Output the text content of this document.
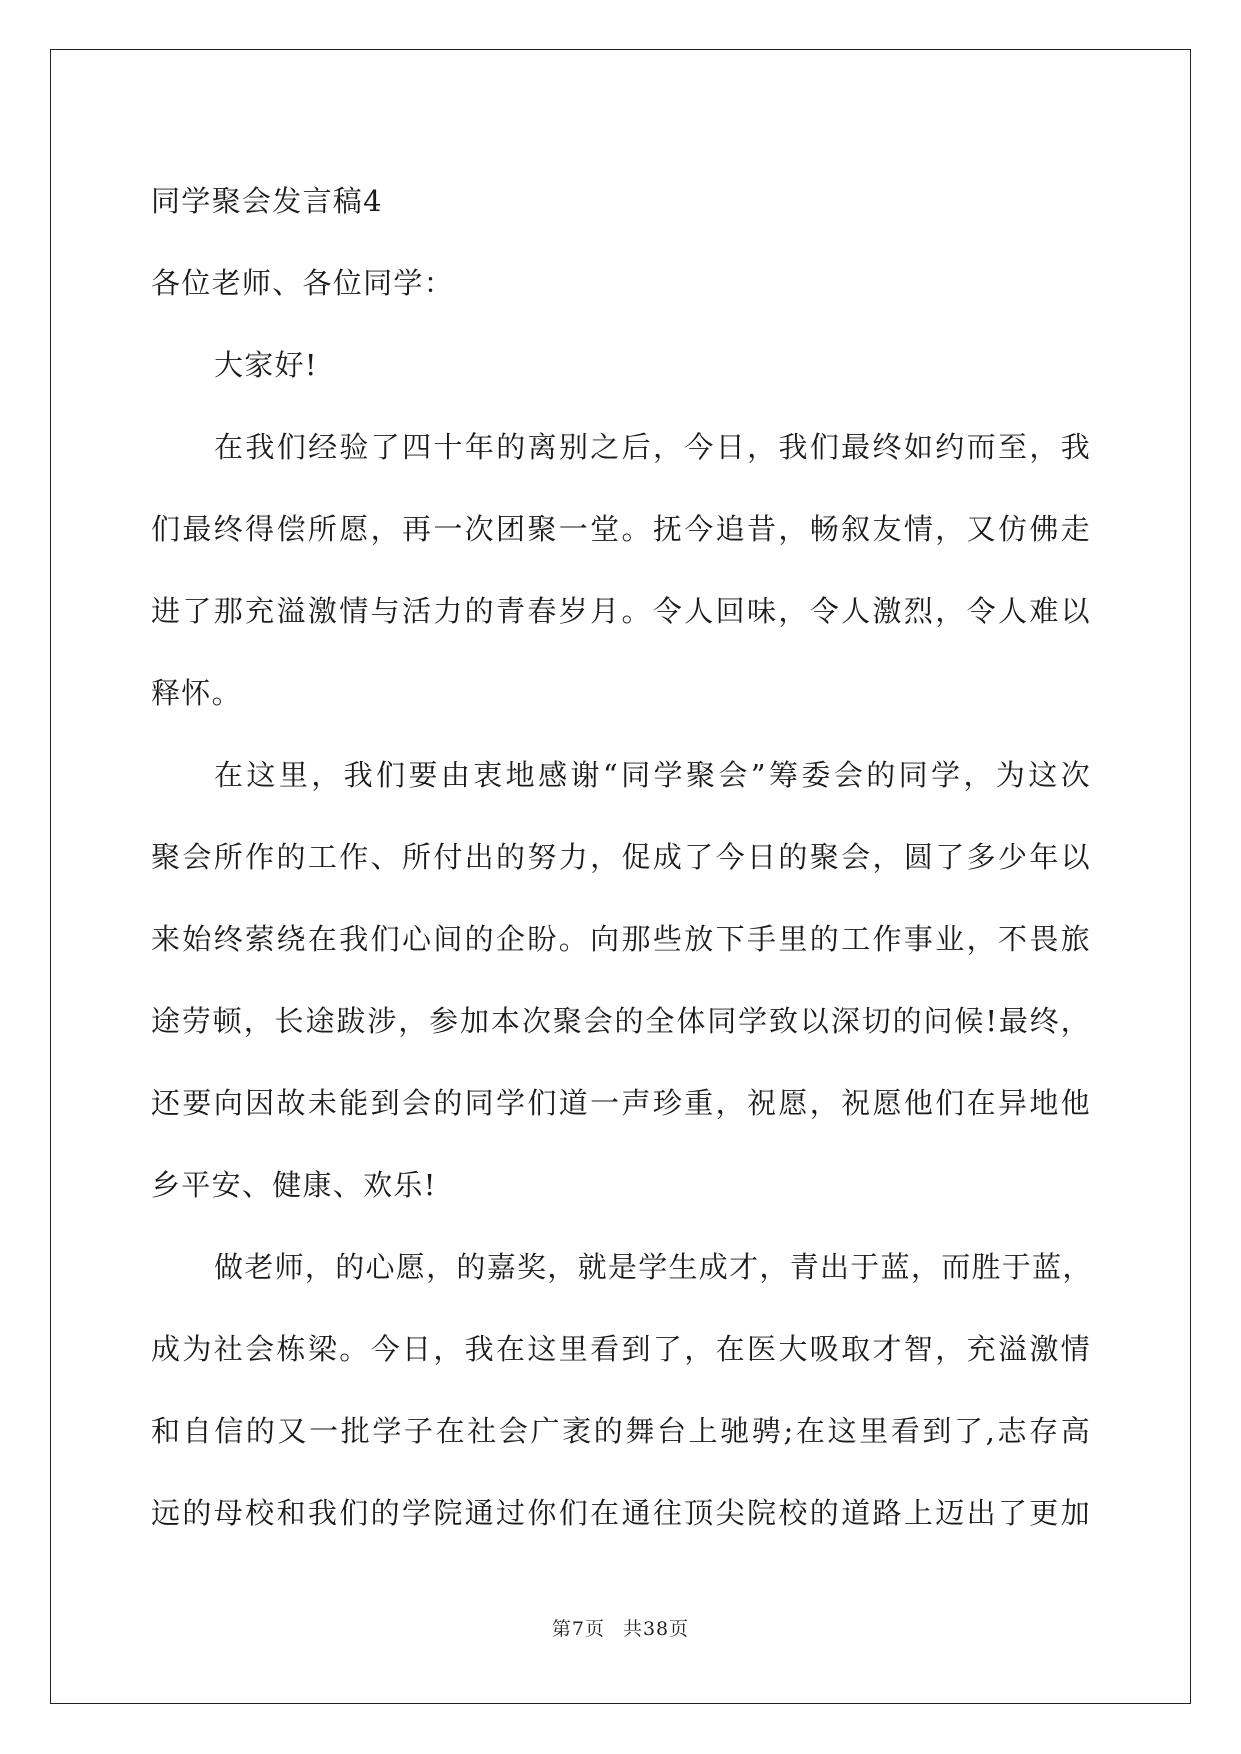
同学聚会发言稿4
各位老师、各位同学：
大家好!
在我们经验了四十年的离别之后，今日，我们最终如约而至，我
们最终得偿所愿，再一次团聚一堂。抚今追昔，畅叙友情，又仿佛走
进了那充溢激情与活力的青春岁月。令人回味，令人激烈，令人难以
释怀。
在这里，我们要由衷地感谢“同学聚会”筹委会的同学，为这次
聚会所作的工作、所付出的努力，促成了今日的聚会，圆了多少年以
来始终萦绕在我们心间的企盼。向那些放下手里的工作事业，不畏旅
途劳顿，长途跋涉，参加本次聚会的全体同学致以深切的问候!最终，
还要向因故未能到会的同学们道一声珍重，祝愿，祝愿他们在异地他
乡平安、健康、欢乐!
做老师，的心愿，的嘉奖，就是学生成才，青出于蓝，而胜于蓝，
成为社会栋梁。今日，我在这里看到了，在医大吸取才智，充溢激情
和自信的又一批学子在社会广袤的舞台上驰骋;在这里看到了,志存高
远的母校和我们的学院通过你们在通往顶尖院校的道路上迈出了更加
第7页 共38页
